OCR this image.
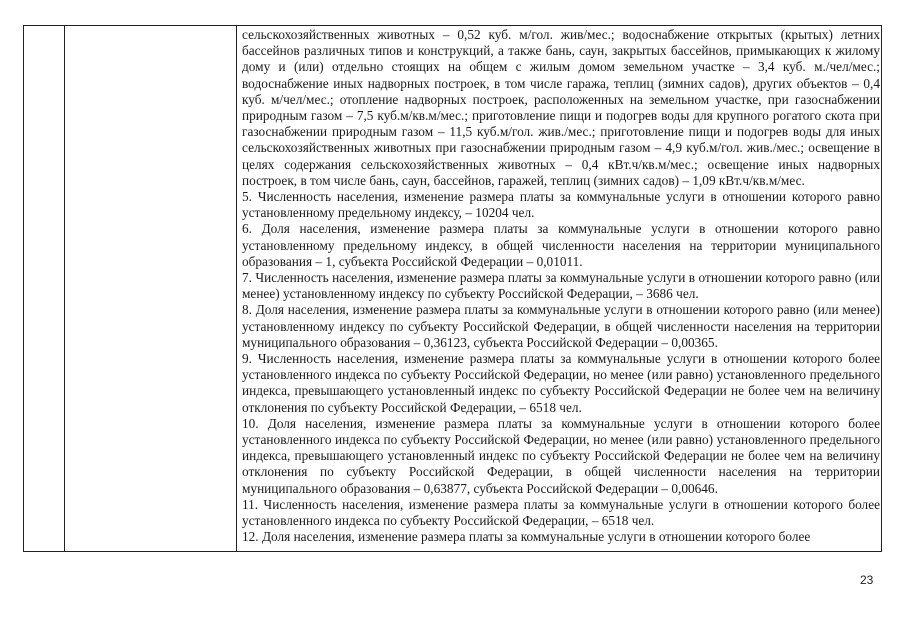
сельскохозяйственных животных – 0,52 куб. м/гол. жив/мес.; водоснабжение открытых (крытых) летних бассейнов различных типов и конструкций, а также бань, саун, закрытых бассейнов, примыкающих к жилому дому и (или) отдельно стоящих на общем с жилым домом земельном участке – 3,4 куб. м./чел/мес.; водоснабжение иных надворных построек, в том числе гаража, теплиц (зимних садов), других объектов – 0,4 куб. м/чел/мес.; отопление надворных построек, расположенных на земельном участке, при газоснабжении природным газом – 7,5 куб.м/кв.м/мес.; приготовление пищи и подогрев воды для крупного рогатого скота при газоснабжении природным газом – 11,5 куб.м/гол. жив./мес.; приготовление пищи и подогрев воды для иных сельскохозяйственных животных при газоснабжении природным газом – 4,9 куб.м/гол. жив./мес.; освещение в целях содержания сельскохозяйственных животных – 0,4 кВт.ч/кв.м/мес.; освещение иных надворных построек, в том числе бань, саун, бассейнов, гаражей, теплиц (зимних садов) – 1,09 кВт.ч/кв.м/мес.

5. Численность населения, изменение размера платы за коммунальные услуги в отношении которого равно установленному предельному индексу, – 10204 чел.

6. Доля населения, изменение размера платы за коммунальные услуги в отношении которого равно установленному предельному индексу, в общей численности населения на территории муниципального образования – 1, субъекта Российской Федерации – 0,01011.

7. Численность населения, изменение размера платы за коммунальные услуги в отношении которого равно (или менее) установленному индексу по субъекту Российской Федерации, – 3686 чел.

8. Доля населения, изменение размера платы за коммунальные услуги в отношении которого равно (или менее) установленному индексу по субъекту Российской Федерации, в общей численности населения на территории муниципального образования – 0,36123, субъекта Российской Федерации – 0,00365.

9. Численность населения, изменение размера платы за коммунальные услуги в отношении которого более установленного индекса по субъекту Российской Федерации, но менее (или равно) установленного предельного индекса, превышающего установленный индекс по субъекту Российской Федерации не более чем на величину отклонения по субъекту Российской Федерации, – 6518 чел.

10. Доля населения, изменение размера платы за коммунальные услуги в отношении которого более установленного индекса по субъекту Российской Федерации, но менее (или равно) установленного предельного индекса, превышающего установленный индекс по субъекту Российской Федерации не более чем на величину отклонения по субъекту Российской Федерации, в общей численности населения на территории муниципального образования – 0,63877, субъекта Российской Федерации – 0,00646.

11. Численность населения, изменение размера платы за коммунальные услуги в отношении которого более установленного индекса по субъекту Российской Федерации, – 6518 чел.

12. Доля населения, изменение размера платы за коммунальные услуги в отношении которого более

23
